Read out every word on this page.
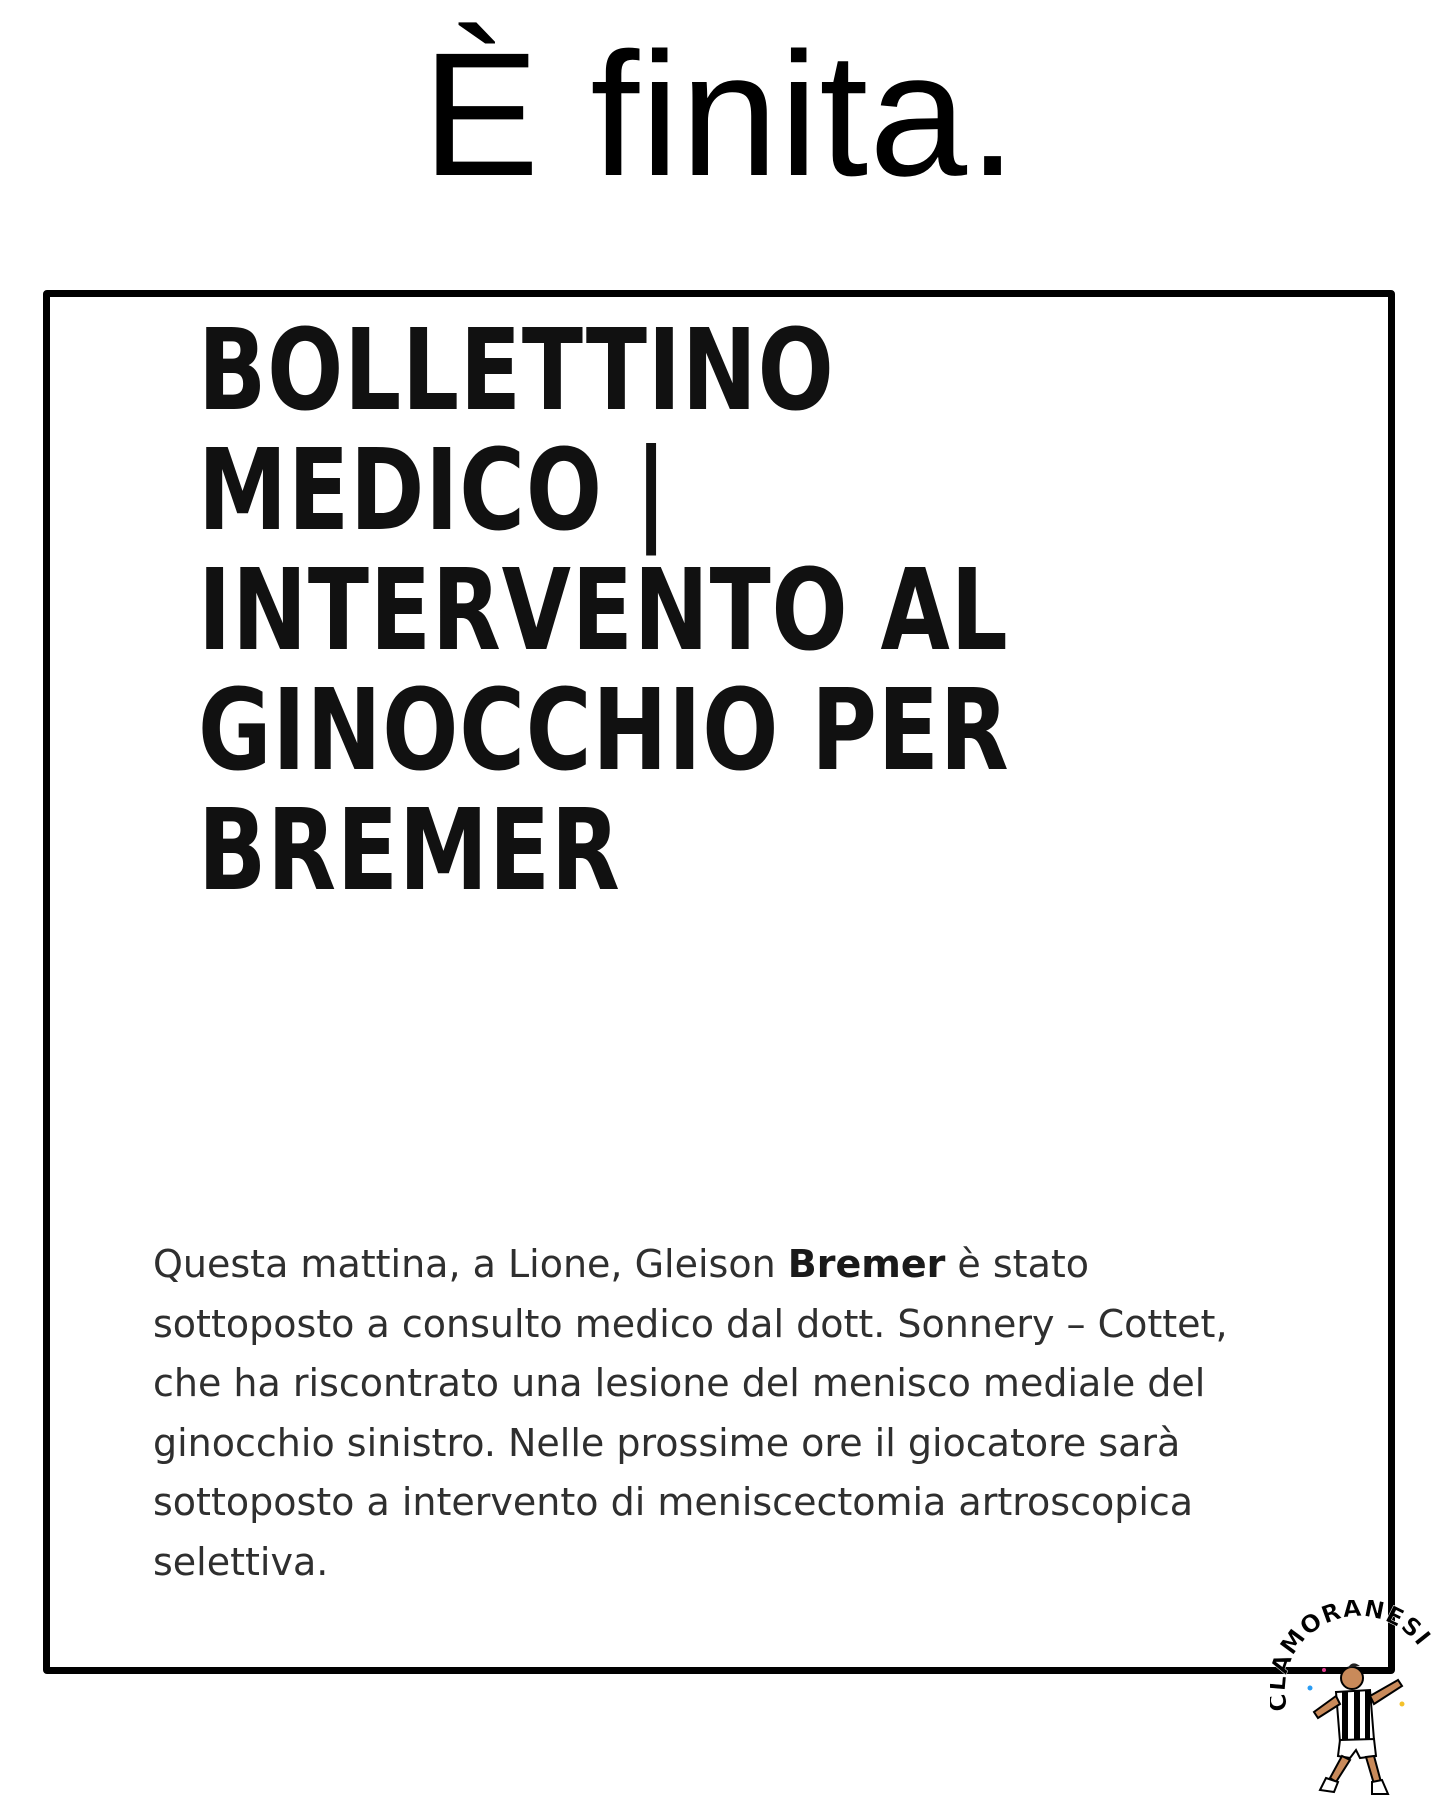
È finita.
BOLLETTINO
MEDICO |
INTERVENTO AL
GINOCCHIO PER
BREMER

Questa mattina, a Lione, Gleison Bremer è stato sottoposto a consulto medico dal dott. Sonnery – Cottet, che ha riscontrato una lesione del menisco mediale del ginocchio sinistro. Nelle prossime ore il giocatore sarà sottoposto a intervento di meniscectomia artroscopica selettiva.

MORANESI
